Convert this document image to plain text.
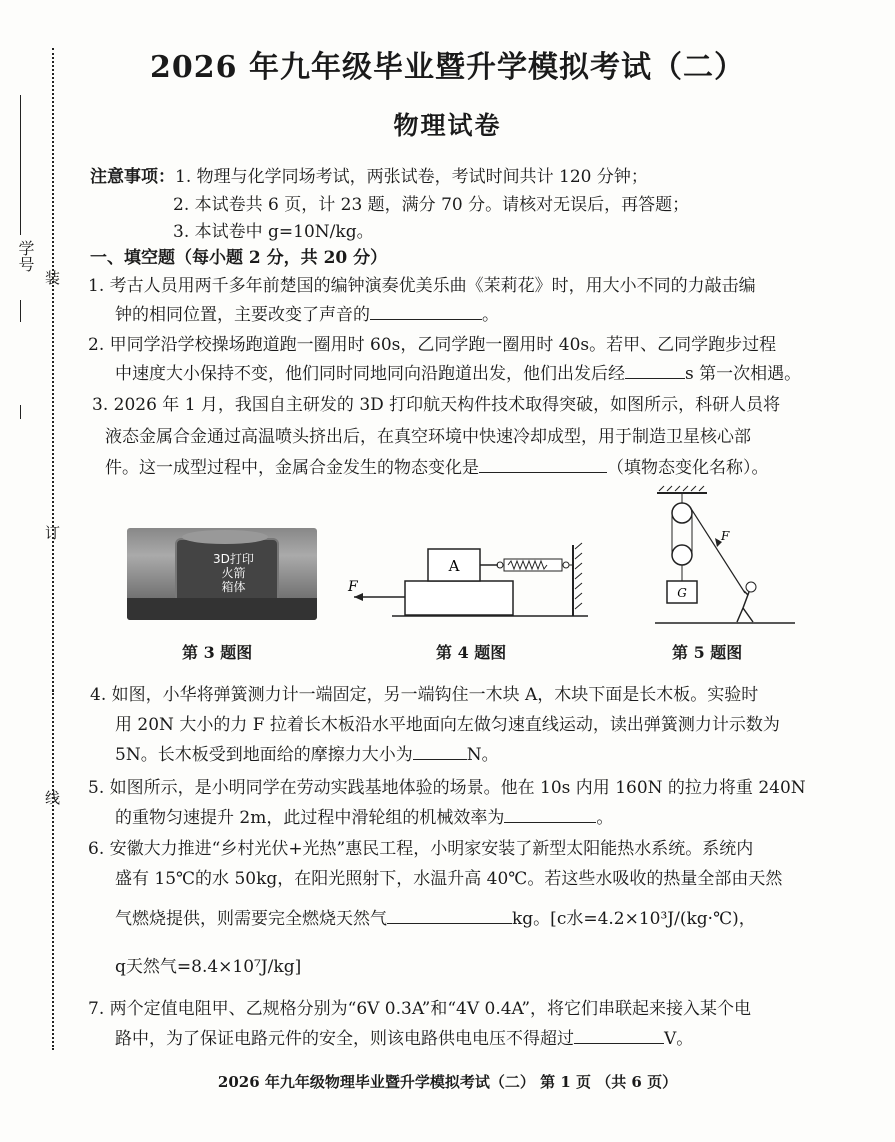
装
订
线
学号
2026 年九年级毕业暨升学模拟考试（二）
物理试卷
注意事项：1. 物理与化学同场考试，两张试卷，考试时间共计 120 分钟；
2. 本试卷共 6 页，计 23 题，满分 70 分。请核对无误后，再答题；
3. 本试卷中 g=10N/kg。
一、填空题（每小题 2 分，共 20 分）
1. 考古人员用两千多年前楚国的编钟演奏优美乐曲《茉莉花》时，用大小不同的力敲击编
钟的相同位置，主要改变了声音的	。
2. 甲同学沿学校操场跑道跑一圈用时 60s，乙同学跑一圈用时 40s。若甲、乙同学跑步过程
中速度大小保持不变，他们同时同地同向沿跑道出发，他们出发后经	s 第一次相遇。
3. 2026 年 1 月，我国自主研发的 3D 打印航天构件技术取得突破，如图所示，科研人员将
液态金属合金通过高温喷头挤出后，在真空环境中快速冷却成型，用于制造卫星核心部
件。这一成型过程中，金属合金发生的物态变化是	（填物态变化名称）。
3D打印
火箭
箱体
第 3 题图
A
F
第 4 题图
G
F
第 5 题图
4. 如图，小华将弹簧测力计一端固定，另一端钩住一木块 A，木块下面是长木板。实验时
用 20N 大小的力 F 拉着长木板沿水平地面向左做匀速直线运动，读出弹簧测力计示数为
5N。长木板受到地面给的摩擦力大小为	N。
5. 如图所示，是小明同学在劳动实践基地体验的场景。他在 10s 内用 160N 的拉力将重 240N
的重物匀速提升 2m，此过程中滑轮组的机械效率为	。
6. 安徽大力推进“乡村光伏+光热”惠民工程，小明家安装了新型太阳能热水系统。系统内
盛有 15℃的水 50kg，在阳光照射下，水温升高 40℃。若这些水吸收的热量全部由天然
气燃烧提供，则需要完全燃烧天然气	kg。[c水=4.2×10³J/(kg·℃)，
q天然气=8.4×10⁷J/kg]
7. 两个定值电阻甲、乙规格分别为“6V 0.3A”和“4V 0.4A”，将它们串联起来接入某个电
路中，为了保证电路元件的安全，则该电路供电电压不得超过	V。
2026 年九年级物理毕业暨升学模拟考试（二） 第 1 页 （共 6 页）
